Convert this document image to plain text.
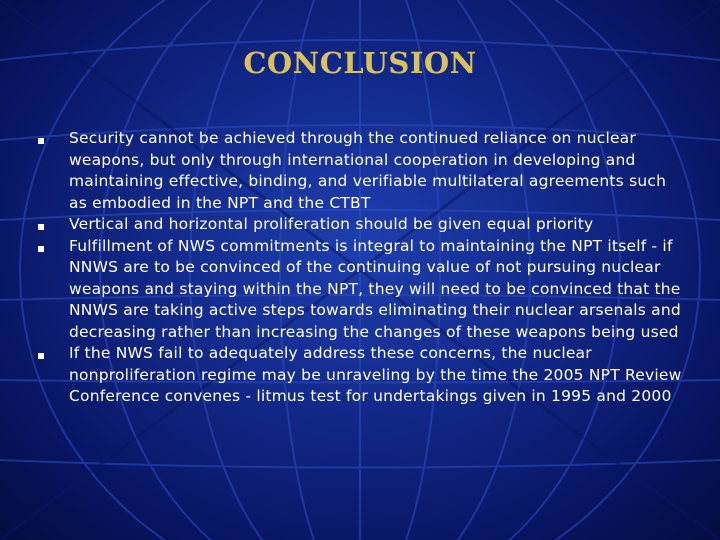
CONCLUSION
Security cannot be achieved through the continued reliance on nuclear weapons, but only through international cooperation in developing and maintaining effective, binding, and verifiable multilateral agreements such as embodied in the NPT and the CTBT
Vertical and horizontal proliferation should be given equal priority
Fulfillment of NWS commitments is integral to maintaining the NPT itself - if NNWS are to be convinced of the continuing value of not pursuing nuclear weapons and staying within the NPT, they will need to be convinced that the NNWS are taking active steps towards eliminating their nuclear arsenals and decreasing rather than increasing the changes of these weapons being used
If the NWS fail to adequately address these concerns, the nuclear nonproliferation regime may be unraveling by the time the 2005 NPT Review Conference convenes - litmus test for undertakings given in 1995 and 2000
